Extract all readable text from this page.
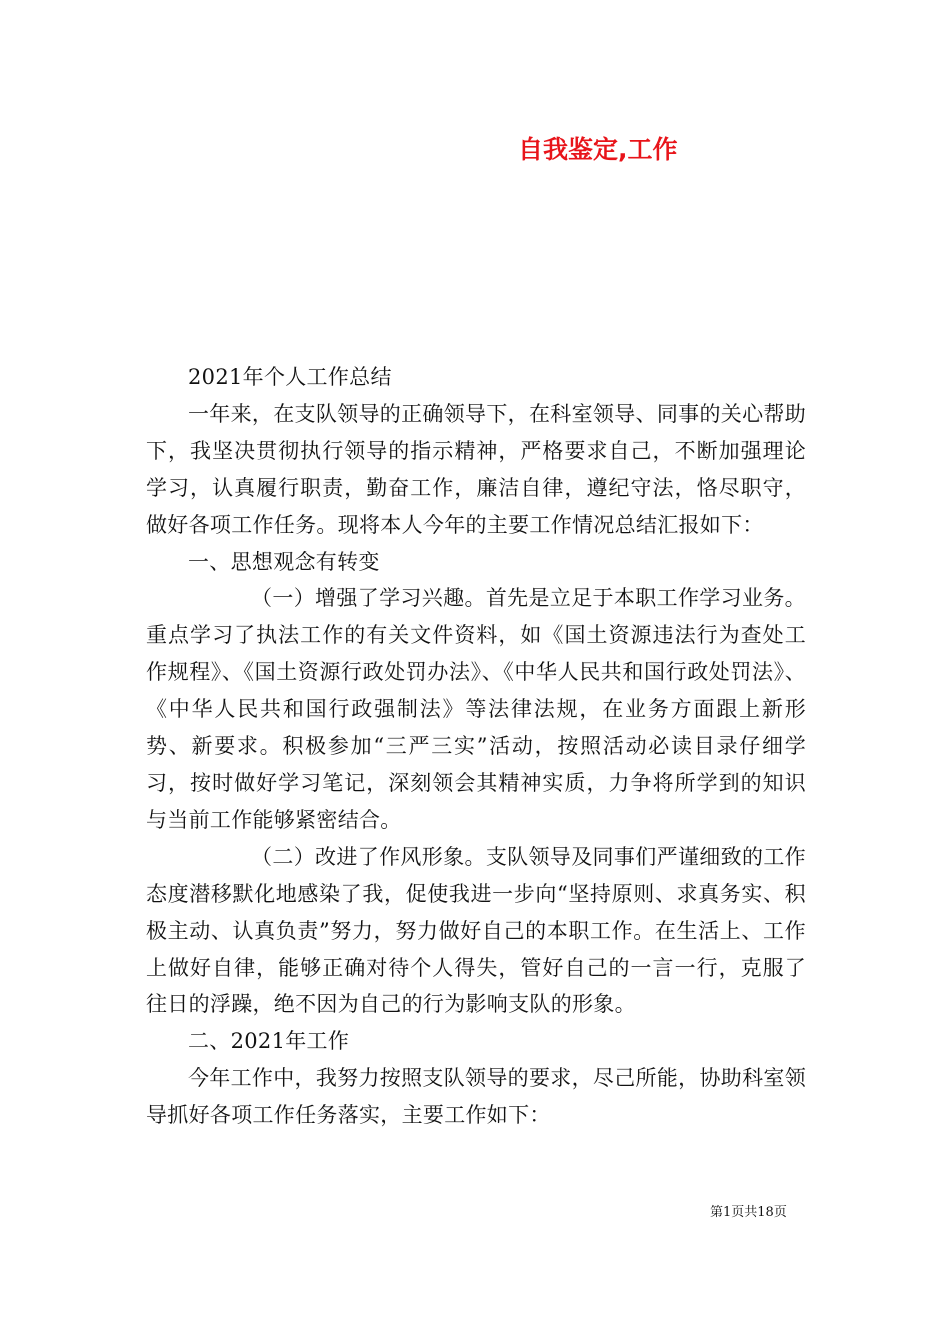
自我鉴定,工作

2021年个人工作总结

一年来，在支队领导的正确领导下，在科室领导、同事的关心帮助下，我坚决贯彻执行领导的指示精神，严格要求自己，不断加强理论学习，认真履行职责，勤奋工作，廉洁自律，遵纪守法，恪尽职守，做好各项工作任务。现将本人今年的主要工作情况总结汇报如下：

一、思想观念有转变

（一）增强了学习兴趣。首先是立足于本职工作学习业务。重点学习了执法工作的有关文件资料，如《国土资源违法行为查处工作规程》、《国土资源行政处罚办法》、《中华人民共和国行政处罚法》、《中华人民共和国行政强制法》等法律法规，在业务方面跟上新形势、新要求。积极参加“三严三实”活动，按照活动必读目录仔细学习，按时做好学习笔记，深刻领会其精神实质，力争将所学到的知识与当前工作能够紧密结合。

（二）改进了作风形象。支队领导及同事们严谨细致的工作态度潜移默化地感染了我，促使我进一步向“坚持原则、求真务实、积极主动、认真负责”努力，努力做好自己的本职工作。在生活上、工作上做好自律，能够正确对待个人得失，管好自己的一言一行，克服了往日的浮躁，绝不因为自己的行为影响支队的形象。

二、2021年工作

今年工作中，我努力按照支队领导的要求，尽己所能，协助科室领导抓好各项工作任务落实，主要工作如下：

第1页共18页
